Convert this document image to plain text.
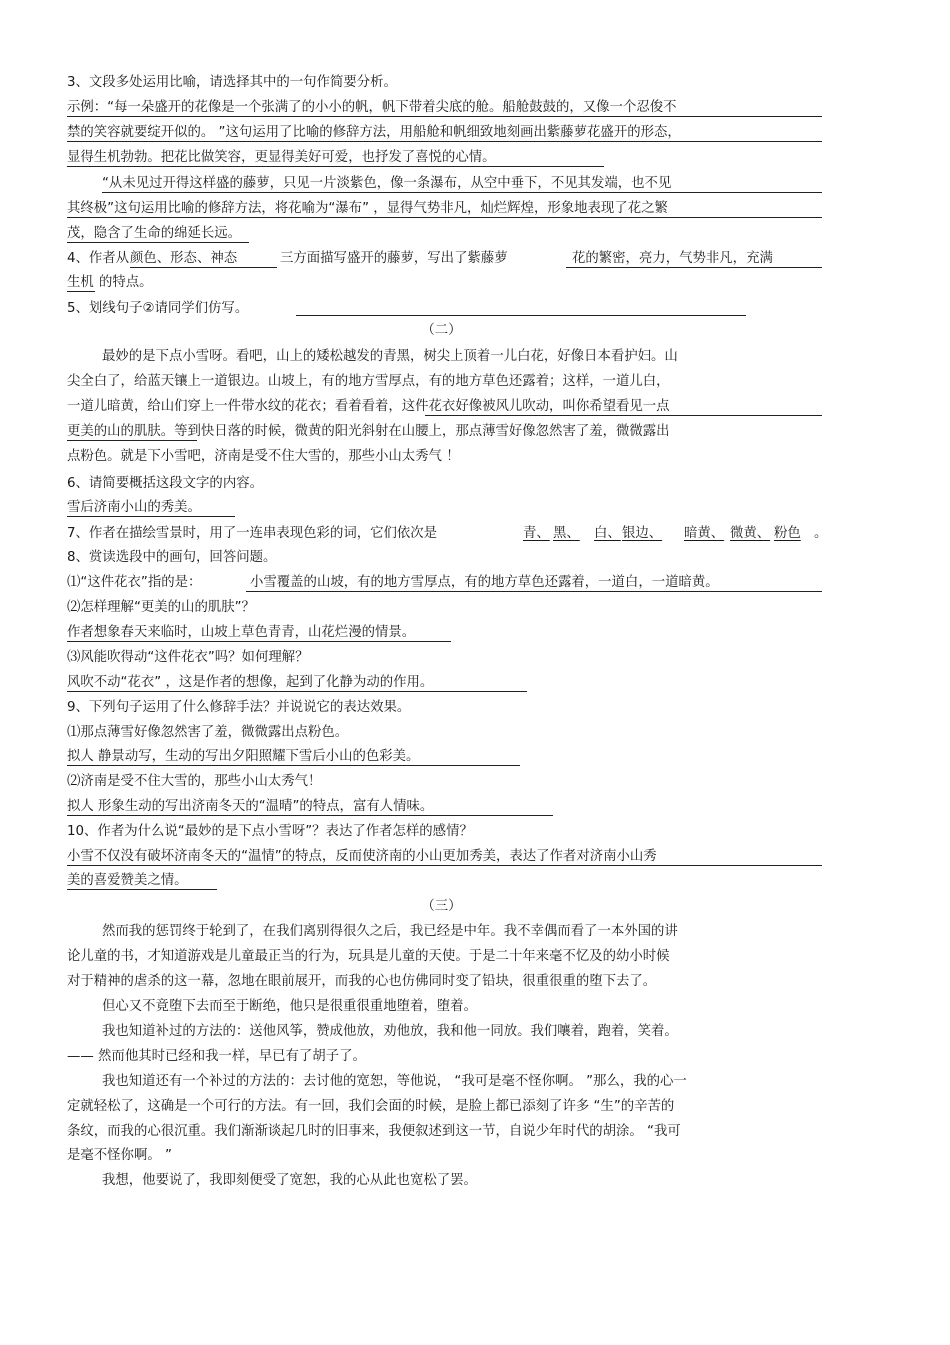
3、文段多处运用比喻，请选择其中的一句作简要分析。
示例：“每一朵盛开的花像是一个张满了的小小的帆，帆下带着尖底的舱。船舱鼓鼓的，又像一个忍俊不
禁的笑容就要绽开似的。 ”这句运用了比喻的修辞方法，用船舱和帆细致地刻画出紫藤萝花盛开的形态，
显得生机勃勃。把花比做笑容，更显得美好可爱，也抒发了喜悦的心情。
“从未见过开得这样盛的藤萝，只见一片淡紫色，像一条瀑布，从空中垂下，不见其发端，也不见
其终极”这句运用比喻的修辞方法，将花喻为“瀑布” ，显得气势非凡，灿烂辉煌，形象地表现了花之繁
茂，隐含了生命的绵延长远。
4、作者从 颜色、形态、神态	三方面描写盛开的藤萝，写出了紫藤萝	花的繁密，亮力，气势非凡，充满
生机 的特点。
5、划线句子②请同学们仿写。
（二）
最妙的是下点小雪呀。看吧，山上的矮松越发的青黑，树尖上顶着一儿白花，好像日本看护妇。山
尖全白了，给蓝天镶上一道银边。山坡上，有的地方雪厚点，有的地方草色还露着；这样，一道儿白，
一道儿暗黄，给山们穿上一件带水纹的花衣；看着看着，这件花衣好像被风儿吹动，叫你希望看见一点
更美的山的肌肤。等到快日落的时候，微黄的阳光斜射在山腰上，那点薄雪好像忽然害了羞，微微露出
点粉色。就是下小雪吧，济南是受不住大雪的，那些小山太秀气 ！
6、请简要概括这段文字的内容。
雪后济南小山的秀美。
7、作者在描绘雪景时，用了一连串表现色彩的词，它们依次是	青、 黑、 白、 银边、 暗黄、 微黄、 粉色 。
8、赏读选段中的画句，回答问题。
⑴“这件花衣”指的是：	小雪覆盖的山坡，有的地方雪厚点，有的地方草色还露着，一道白，一道暗黄。
⑵怎样理解“更美的山的肌肤”？
作者想象春天来临时，山坡上草色青青，山花烂漫的情景。
⑶风能吹得动“这件花衣”吗？如何理解？
风吹不动“花衣” ，这是作者的想像，起到了化静为动的作用。
9、下列句子运用了什么修辞手法？并说说它的表达效果。
⑴那点薄雪好像忽然害了羞，微微露出点粉色。
拟人 静景动写，生动的写出夕阳照耀下雪后小山的色彩美。
⑵济南是受不住大雪的，那些小山太秀气！
拟人 形象生动的写出济南冬天的“温晴”的特点，富有人情味。
10、作者为什么说“最妙的是下点小雪呀”？表达了作者怎样的感情？
小雪不仅没有破坏济南冬天的“温情”的特点，反而使济南的小山更加秀美，表达了作者对济南小山秀
美的喜爱赞美之情。
（三）
然而我的惩罚终于轮到了，在我们离别得很久之后，我已经是中年。我不幸偶而看了一本外国的讲
论儿童的书，才知道游戏是儿童最正当的行为，玩具是儿童的天使。于是二十年来毫不忆及的幼小时候
对于精神的虐杀的这一幕，忽地在眼前展开，而我的心也仿佛同时变了铅块，很重很重的堕下去了。
但心又不竟堕下去而至于断绝，他只是很重很重地堕着，堕着。
我也知道补过的方法的：送他风筝，赞成他放，劝他放，我和他一同放。我们嚷着，跑着，笑着。
—— 然而他其时已经和我一样，早已有了胡子了。
我也知道还有一个补过的方法的：去讨他的宽恕，等他说， “我可是毫不怪你啊。 ”那么，我的心一
定就轻松了，这确是一个可行的方法。有一回，我们会面的时候，是脸上都已添刻了许多 “生”的辛苦的
条纹，而我的心很沉重。我们渐渐谈起几时的旧事来，我便叙述到这一节，自说少年时代的胡涂。 “我可
是毫不怪你啊。 ”
我想，他要说了，我即刻便受了宽恕，我的心从此也宽松了罢。
